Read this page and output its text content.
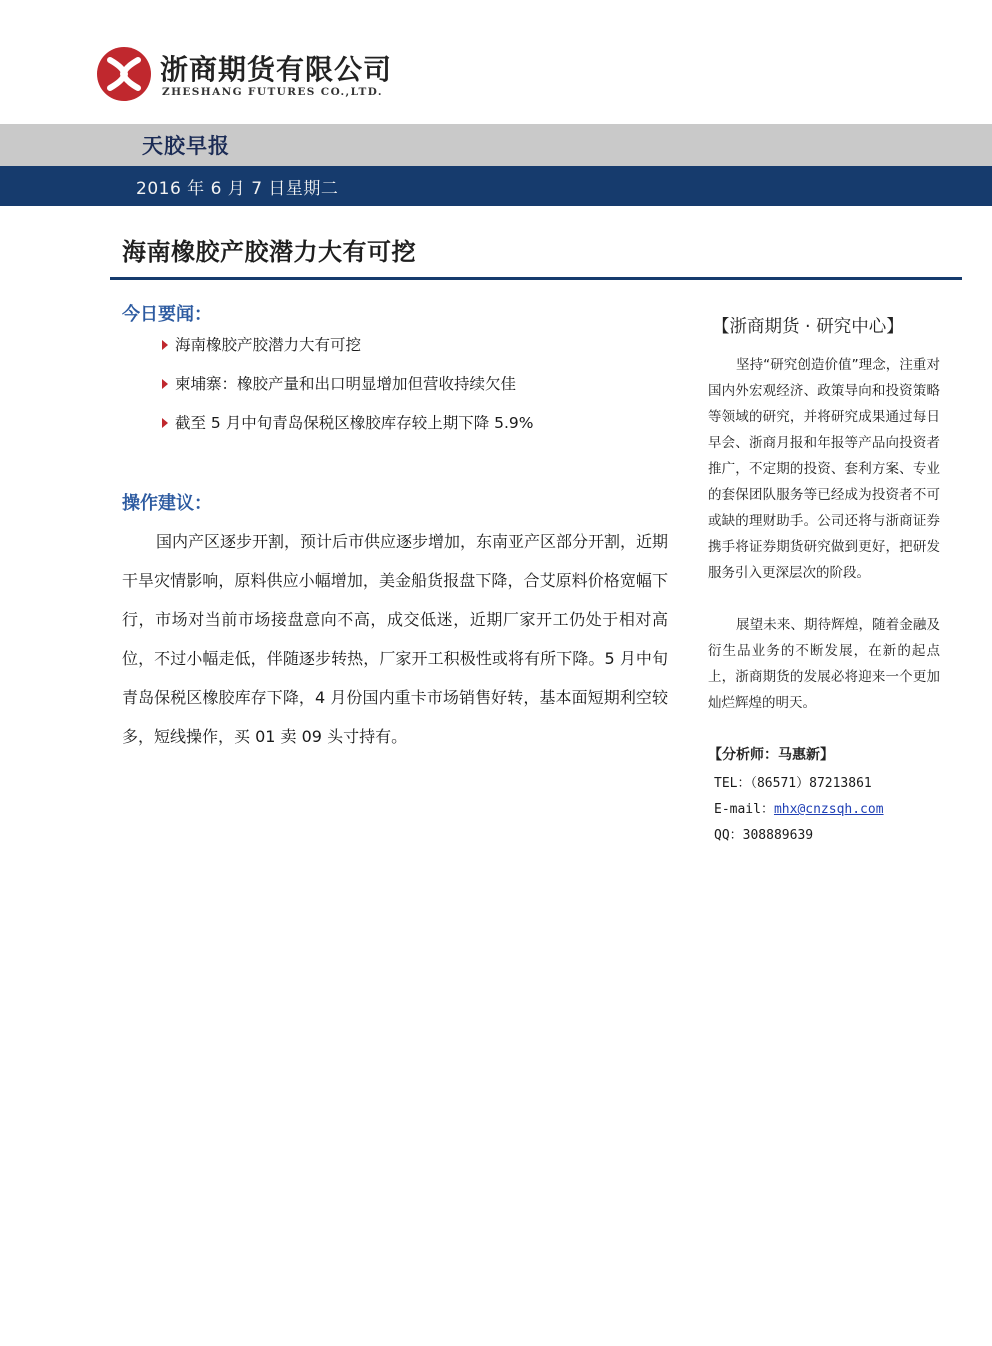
浙商期货有限公司
ZHESHANG FUTURES CO.,LTD.
天胶早报
2016 年 6 月 7 日星期二
海南橡胶产胶潜力大有可挖
今日要闻：
海南橡胶产胶潜力大有可挖
柬埔寨：橡胶产量和出口明显增加但营收持续欠佳
截至 5 月中旬青岛保税区橡胶库存较上期下降 5.9%
操作建议：

国内产区逐步开割，预计后市供应逐步增加，东南亚产区部分开割，近期干旱灾情影响，原料供应小幅增加，美金船货报盘下降，合艾原料价格宽幅下行，市场对当前市场接盘意向不高，成交低迷，近期厂家开工仍处于相对高位，不过小幅走低，伴随逐步转热，厂家开工积极性或将有所下降。5 月中旬青岛保税区橡胶库存下降，4 月份国内重卡市场销售好转，基本面短期利空较多，短线操作，买 01 卖 09 头寸持有。

【浙商期货 · 研究中心】

坚持“研究创造价值”理念，注重对国内外宏观经济、政策导向和投资策略等领域的研究，并将研究成果通过每日早会、浙商月报和年报等产品向投资者推广，不定期的投资、套利方案、专业的套保团队服务等已经成为投资者不可或缺的理财助手。公司还将与浙商证券携手将证券期货研究做到更好，把研发服务引入更深层次的阶段。

展望未来、期待辉煌，随着金融及衍生品业务的不断发展，在新的起点上，浙商期货的发展必将迎来一个更加灿烂辉煌的明天。

【分析师：马惠新】
TEL：（86571）87213861
E-mail：mhx@cnzsqh.com
QQ：308889639
